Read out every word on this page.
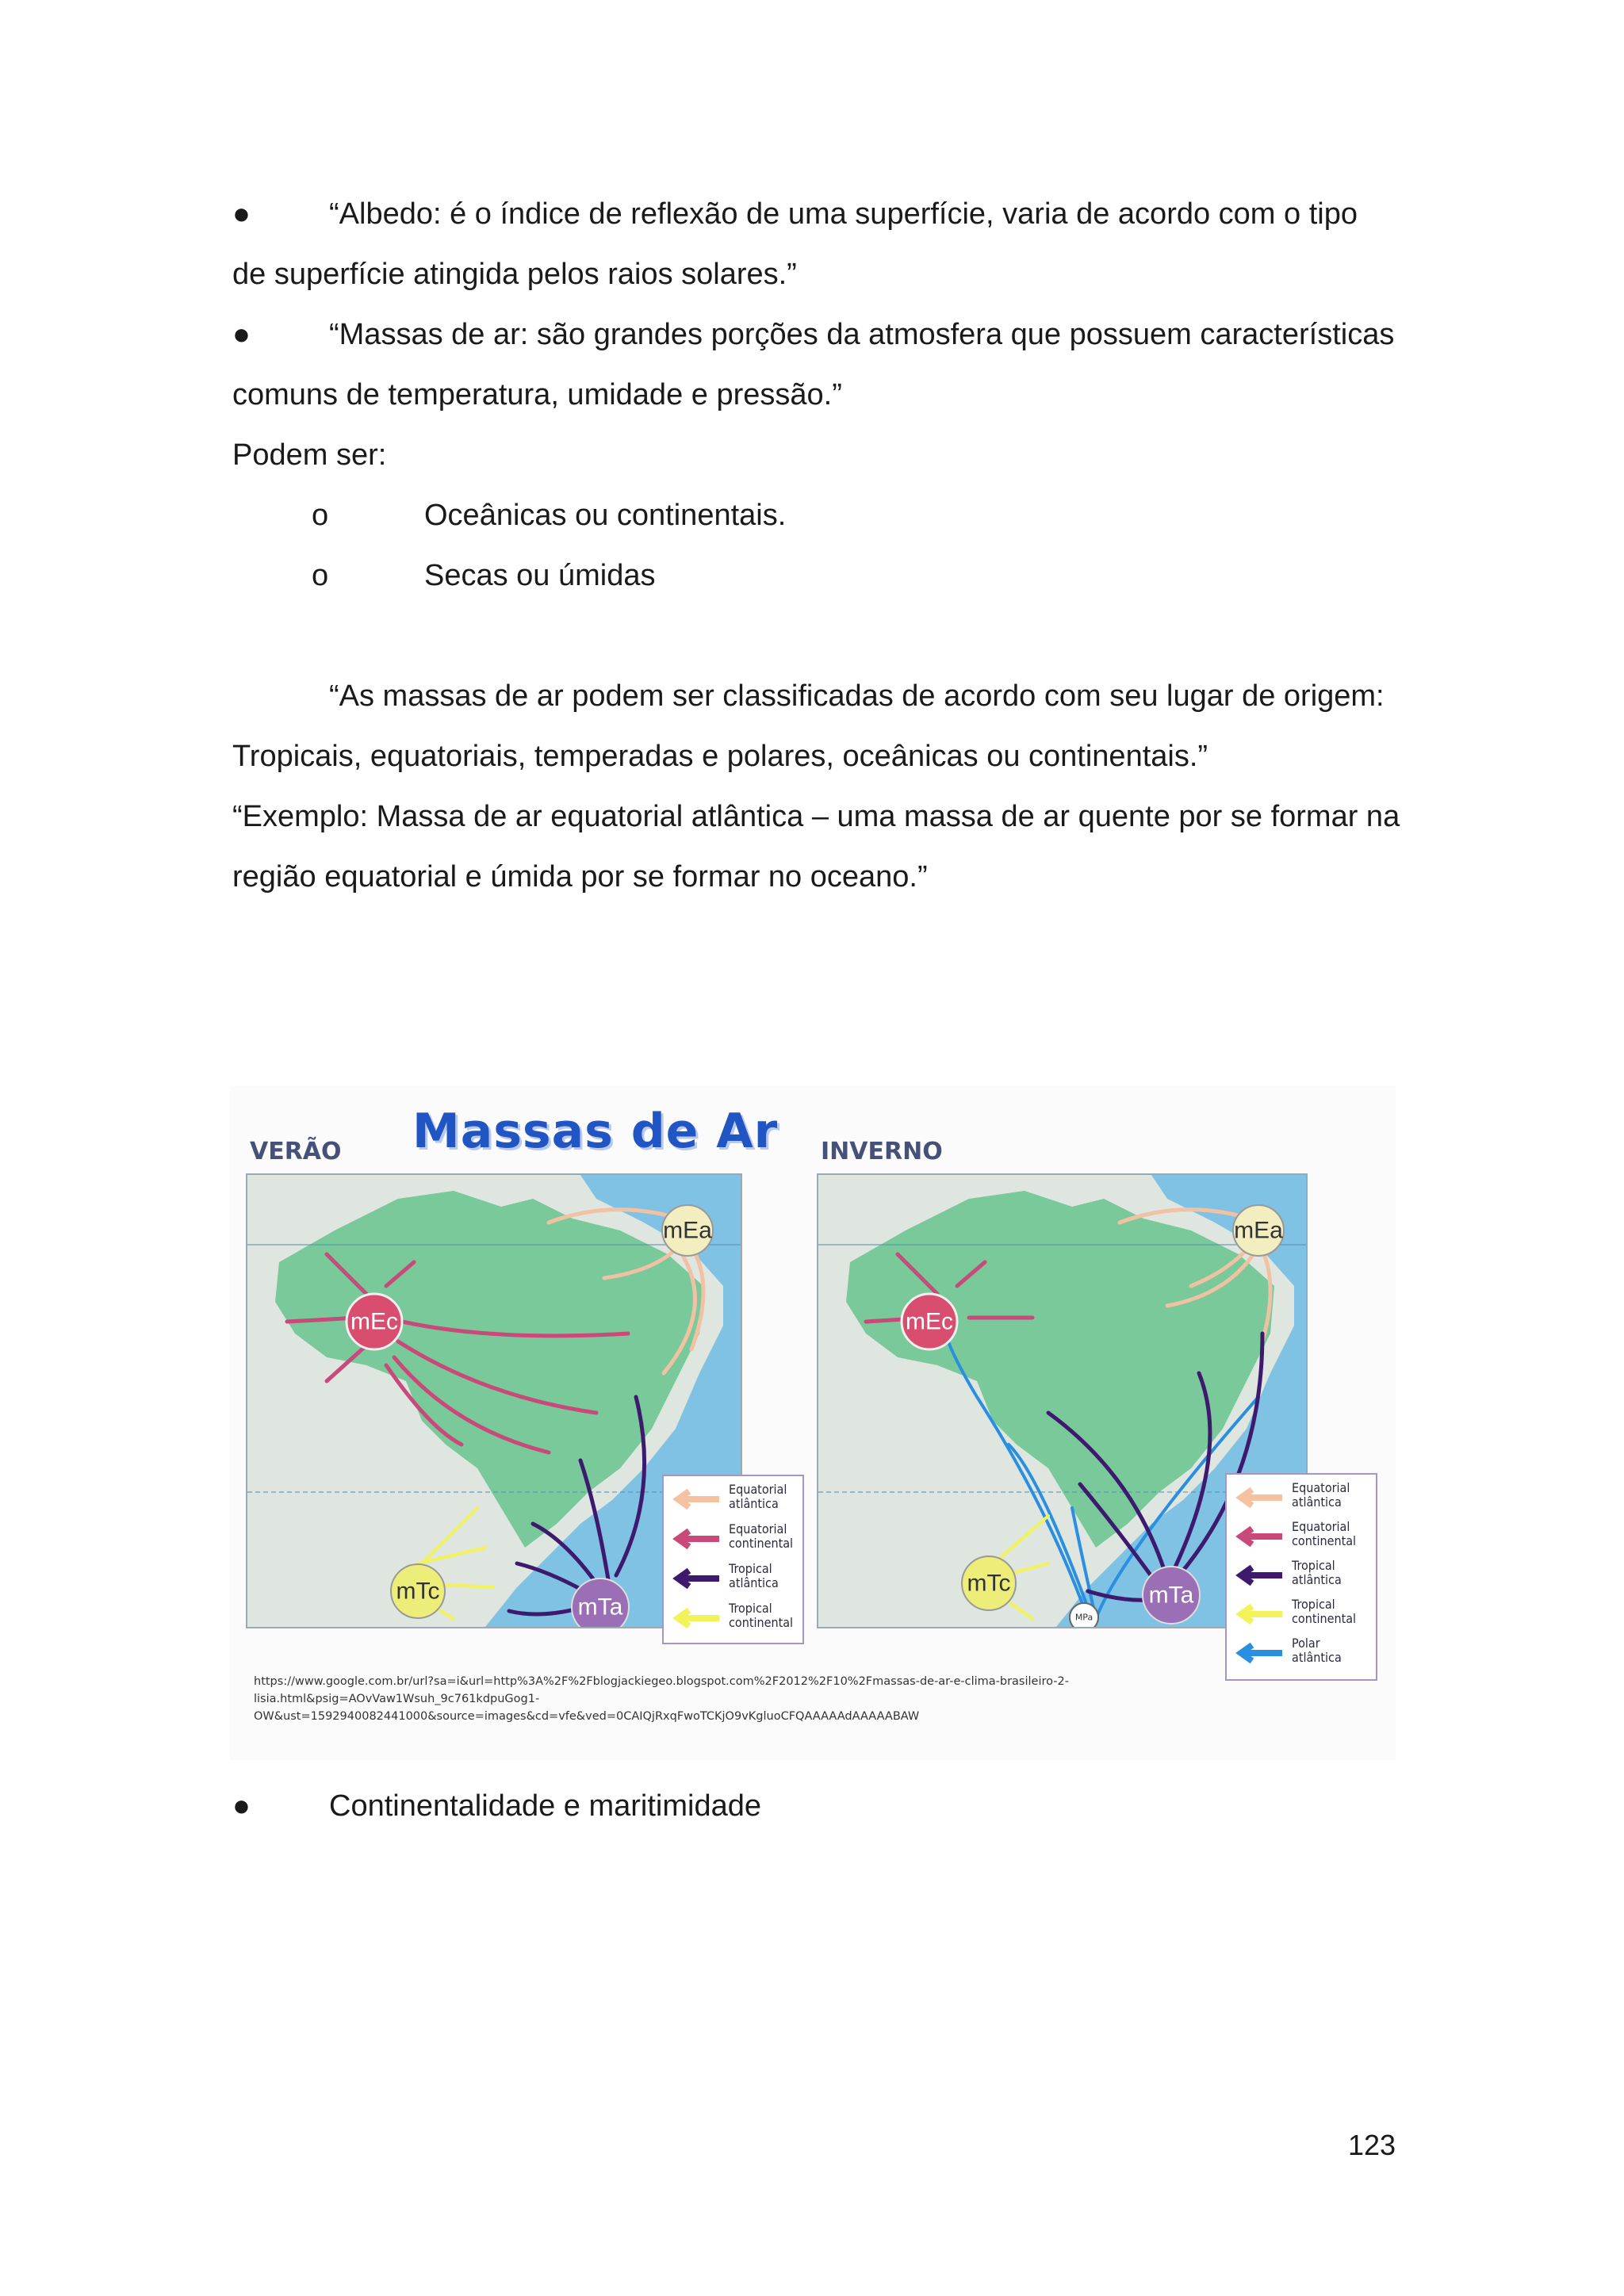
●	“Albedo: é o índice de reflexão de uma superfície, varia de acordo com o tipo
de superfície atingida pelos raios solares.”
●	“Massas de ar: são grandes porções da atmosfera que possuem características
comuns de temperatura, umidade e pressão.”
Podem ser:
o	Oceânicas ou continentais.
o	Secas ou úmidas
“As massas de ar podem ser classificadas de acordo com seu lugar de origem:
Tropicais, equatoriais, temperadas e polares, oceânicas ou continentais.”
“Exemplo: Massa de ar equatorial atlântica – uma massa de ar quente por se formar na
região equatorial e úmida por se formar no oceano.”
Massas de Ar
VERÃO	INVERNO
mEa
mEc
mTc
mTa
Equatorial atlântica
Equatorial continental
Tropical atlântica
Tropical continental
mEa
mEc
mTc	mTa
MPa
Equatorial atlântica
Equatorial continental
Tropical atlântica
Tropical continental
Polar atlântica
https://www.google.com.br/url?sa=i&url=http%3A%2F%2Fblogjackiegeo.blogspot.com%2F2012%2F10%2Fmassas-de-ar-e-clima-brasileiro-2-
lisia.html&psig=AOvVaw1Wsuh_9c761kdpuGog1-
OW&ust=1592940082441000&source=images&cd=vfe&ved=0CAIQjRxqFwoTCKjO9vKgluoCFQAAAAAdAAAAABAW
●	Continentalidade e maritimidade
123
